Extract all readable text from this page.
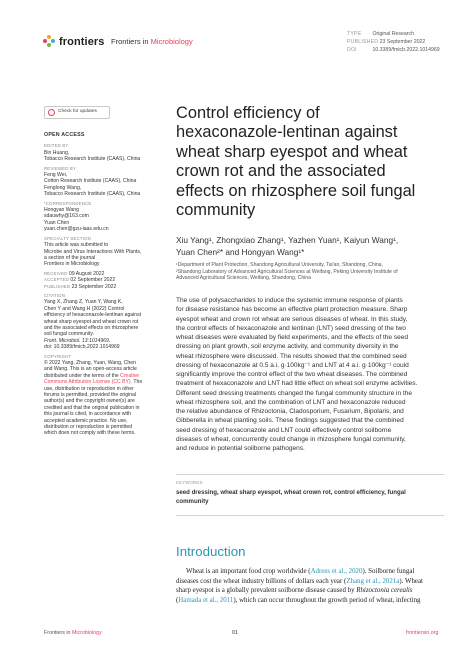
frontiers Frontiers in Microbiology
TYPE Original Research
PUBLISHED 23 September 2022
DOI	10.3389/fmicb.2022.1014969
Check for updates
OPEN ACCESS
EDITED BY
Bin Huang,
Tobacco Research Institute (CAAS), China
REVIEWED BY
Feng Wei,
Cotton Research Institute (CAAS), China
Fenglong Wang,
Tobacco Research Institute (CAAS), China
*CORRESPONDENCE
Hongyan Wang
sdauwhy@163.com
Yuan Chen
yuan.chen@gzu-iaas.edu.cn
SPECIALTY SECTION
This article was submitted to
Microbe and Virus Interactions With Plants,
a section of the journal
Frontiers in Microbiology
RECEIVED 09 August 2022
ACCEPTED 02 September 2022
PUBLISHED 23 September 2022
CITATION
Yang X, Zhang Z, Yuan Y, Wang K,
Chen Y and Wang H (2022) Control
efficiency of hexaconazole-lentinan against
wheat sharp eyespot and wheat crown rot
and the associated effects on rhizosphere
soil fungal community.
Front. Microbiol. 13:1014969.
doi: 10.3389/fmicb.2022.1014969
COPYRIGHT
© 2022 Yang, Zhang, Yuan, Wang, Chen
and Wang. This is an open-access article
distributed under the terms of the Creative
Commons Attribution License (CC BY). The
use, distribution or reproduction in other
forums is permitted, provided the original
author(s) and the copyright owner(s) are
credited and that the original publication in
this journal is cited, in accordance with
accepted academic practice. No use,
distribution or reproduction is permitted
which does not comply with these terms.
Control efficiency of
hexaconazole-lentinan against
wheat sharp eyespot and wheat
crown rot and the associated
effects on rhizosphere soil fungal
community
Xiu Yang¹, Zhongxiao Zhang¹, Yazhen Yuan¹, Kaiyun Wang¹,
Yuan Chen²* and Hongyan Wang¹*
¹Department of Plant Protection, Shandong Agricultural University, Tai'an, Shandong, China,
²Shandong Laboratory of Advanced Agricultural Sciences at Weifang, Peking University Institute of
Advanced Agricultural Sciences, Weifang, Shandong, China
The use of polysaccharides to induce the systemic immune response of plants
for disease resistance has become an effective plant protection measure. Sharp
eyespot wheat and crown rot wheat are serious diseases of wheat. In this study,
the control effects of hexaconazole and lentinan (LNT) seed dressing of the two
wheat diseases were evaluated by field experiments, and the effects of the seed
dressing on plant growth, soil enzyme activity, and community diversity in the
wheat rhizosphere were discussed. The results showed that the combined seed
dressing of hexaconazole at 0.5 a.i. g·100kg⁻¹ and LNT at 4 a.i. g·100kg⁻¹ could
significantly improve the control effect of the two wheat diseases. The combined
treatment of hexaconazole and LNT had little effect on wheat soil enzyme activities.
Different seed dressing treatments changed the fungal community structure in the
wheat rhizosphere soil, and the combination of LNT and hexaconazole reduced
the relative abundance of Rhizoctonia, Cladosporium, Fusarium, Bipolaris, and
Gibberella in wheat planting soils. These findings suggested that the combined
seed dressing of hexaconazole and LNT could effectively control soilborne
diseases of wheat, concurrently could change in rhizosphere fungal community,
and reduce in potential soilborne pathogens.
KEYWORDS
seed dressing, wheat sharp eyespot, wheat crown rot, control efficiency, fungal
community
Introduction
Wheat is an important food crop worldwide (Adrees et al., 2020). Soilborne fungal
diseases cost the wheat industry billions of dollars each year (Zhang et al., 2021a). Wheat
sharp eyespot is a globally prevalent soilborne disease caused by Rhizoctonia cerealis
(Hamada et al., 2011), which can occur throughout the growth period of wheat, infecting
Frontiers in Microbiology	01	frontiersin.org
